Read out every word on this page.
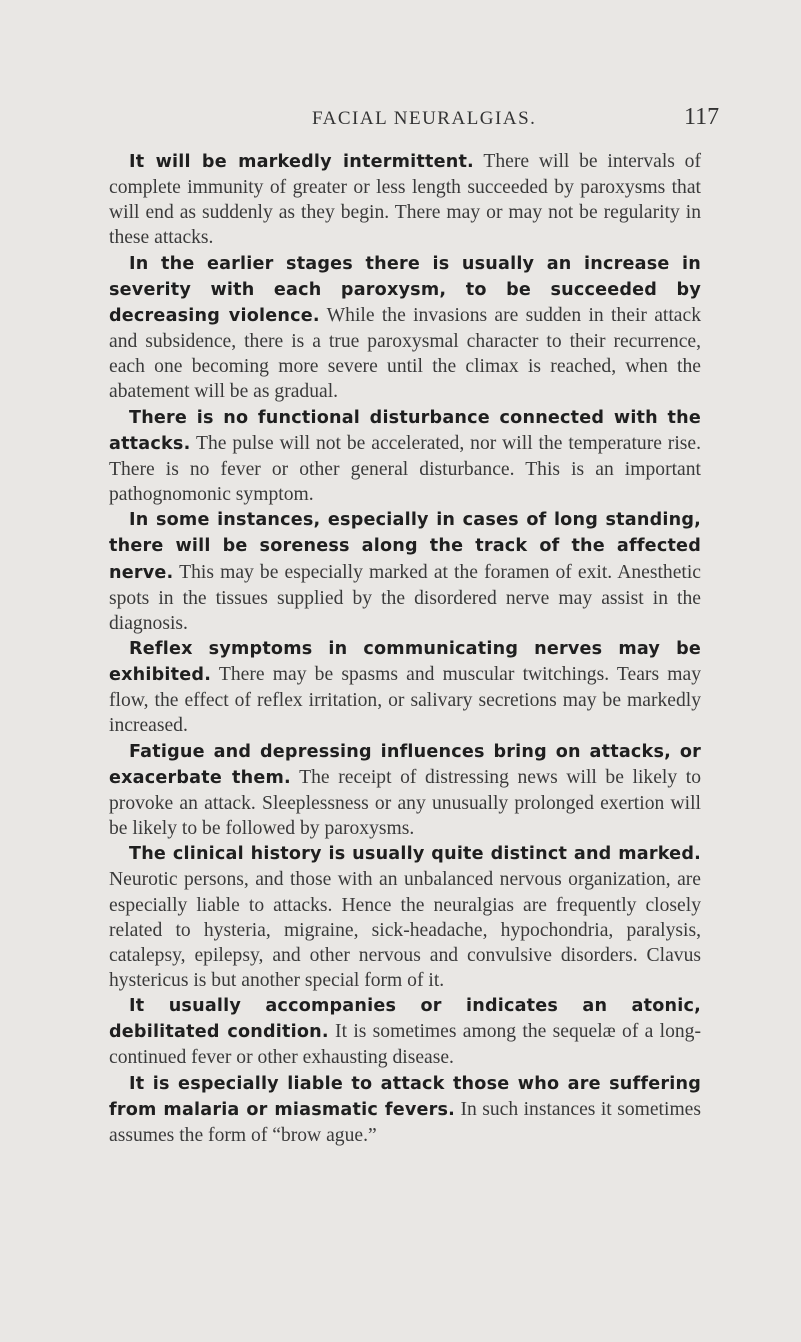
FACIAL NEURALGIAS.	117

It will be markedly intermittent. There will be intervals of complete immunity of greater or less length succeeded by paroxysms that will end as suddenly as they begin. There may or may not be regularity in these attacks.

In the earlier stages there is usually an increase in severity with each paroxysm, to be succeeded by decreasing violence. While the invasions are sudden in their attack and subsidence, there is a true paroxysmal character to their recurrence, each one becoming more severe until the climax is reached, when the abatement will be as gradual.

There is no functional disturbance connected with the attacks. The pulse will not be accelerated, nor will the temperature rise. There is no fever or other general disturbance. This is an important pathognomonic symptom.

In some instances, especially in cases of long standing, there will be soreness along the track of the affected nerve. This may be especially marked at the foramen of exit. Anesthetic spots in the tissues supplied by the disordered nerve may assist in the diagnosis.

Reflex symptoms in communicating nerves may be exhibited. There may be spasms and muscular twitchings. Tears may flow, the effect of reflex irritation, or salivary secretions may be markedly increased.

Fatigue and depressing influences bring on attacks, or exacerbate them. The receipt of distressing news will be likely to provoke an attack. Sleeplessness or any unusually prolonged exertion will be likely to be followed by paroxysms.

The clinical history is usually quite distinct and marked. Neurotic persons, and those with an unbalanced nervous organization, are especially liable to attacks. Hence the neuralgias are frequently closely related to hysteria, migraine, sick-headache, hypochondria, paralysis, catalepsy, epilepsy, and other nervous and convulsive disorders. Clavus hystericus is but another special form of it.

It usually accompanies or indicates an atonic, debilitated condition. It is sometimes among the sequelæ of a long-continued fever or other exhausting disease.

It is especially liable to attack those who are suffering from malaria or miasmatic fevers. In such instances it sometimes assumes the form of “brow ague.”
